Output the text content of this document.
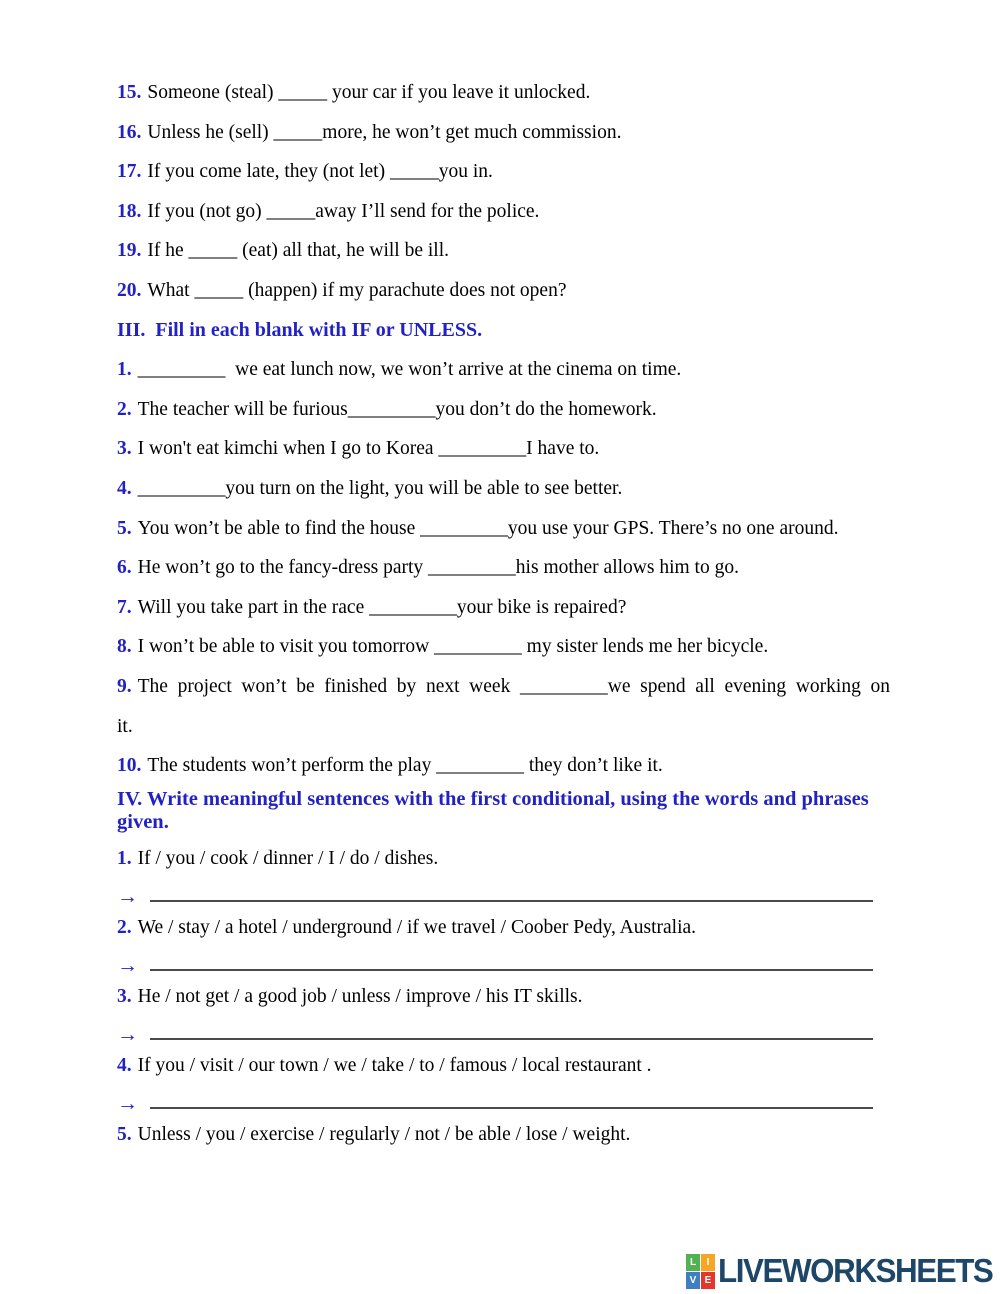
15. Someone (steal) _____ your car if you leave it unlocked.
16. Unless he (sell) _____more, he won’t get much commission.
17. If you come late, they (not let) _____you in.
18. If you (not go) _____away I’ll send for the police.
19. If he _____ (eat) all that, he will be ill.
20. What _____ (happen) if my parachute does not open?
III.  Fill in each blank with IF or UNLESS.
1. _________  we eat lunch now, we won’t arrive at the cinema on time.
2. The teacher will be furious_________you don’t do the homework.
3. I won't eat kimchi when I go to Korea _________I have to.
4. _________you turn on the light, you will be able to see better.
5. You won’t be able to find the house _________you use your GPS. There’s no one around.
6. He won’t go to the fancy-dress party _________his mother allows him to go.
7. Will you take part in the race _________your bike is repaired?
8. I won’t be able to visit you tomorrow _________ my sister lends me her bicycle.
9. The project won’t be finished by next week _________we spend all evening working on it.
10. The students won’t perform the play _________ they don’t like it.
IV. Write meaningful sentences with the first conditional, using the words and phrases given.
1. If / you / cook / dinner / I / do / dishes.
→
2. We / stay / a hotel / underground / if we travel / Coober Pedy, Australia.
→
3. He / not get / a good job / unless / improve / his IT skills.
→
4. If you / visit / our town / we / take / to / famous / local restaurant .
→
5. Unless / you / exercise / regularly / not / be able / lose / weight.
L	I
V E LIVEWORKSHEETS
